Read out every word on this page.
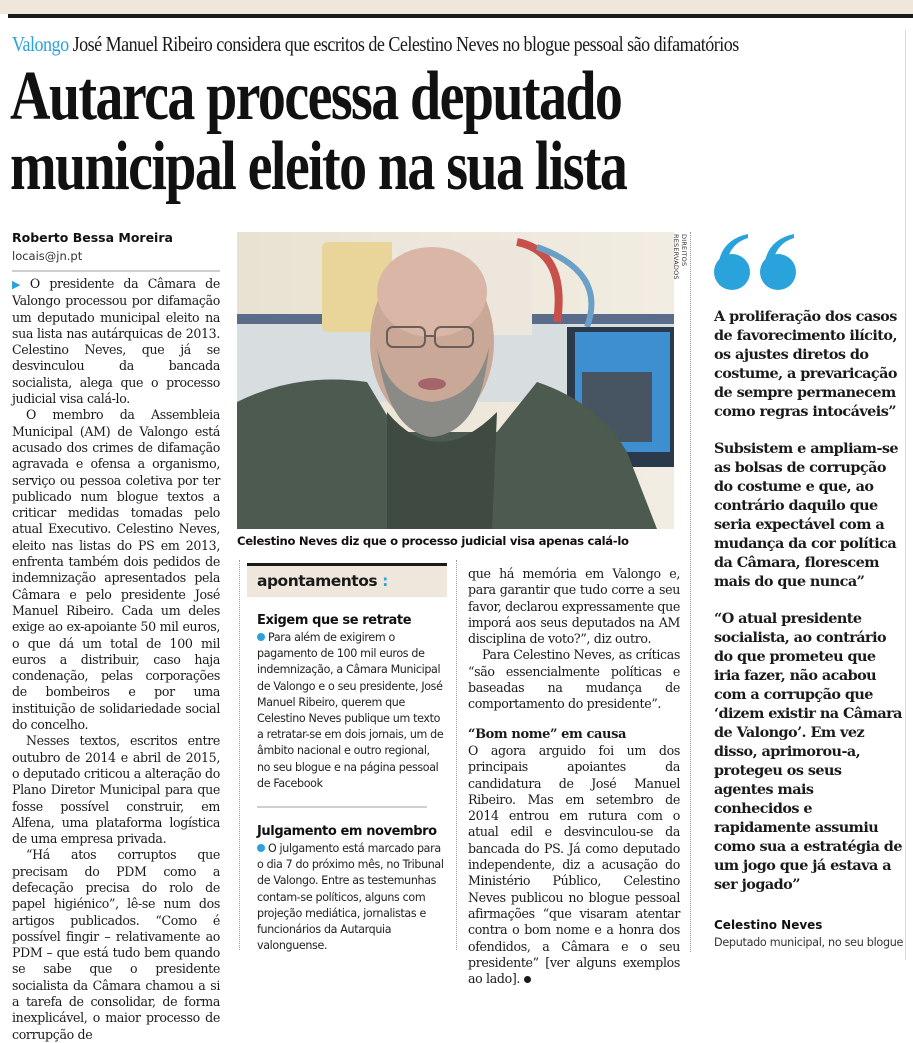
Valongo José Manuel Ribeiro considera que escritos de Celestino Neves no blogue pessoal são difamatórios
Autarca processa deputado
municipal eleito na sua lista
Roberto Bessa Moreira
locais@jn.pt

▶ O presidente da Câmara de Valongo processou por difamação um deputado municipal eleito na sua lista nas autárquicas de 2013. Celestino Neves, que já se desvinculou da bancada socialista, alega que o processo judicial visa calá-lo.

O membro da Assembleia Municipal (AM) de Valongo está acusado dos crimes de difamação agravada e ofensa a organismo, serviço ou pessoa coletiva por ter publicado num blogue textos a criticar medidas tomadas pelo atual Executivo. Celestino Neves, eleito nas listas do PS em 2013, enfrenta também dois pedidos de indemnização apresentados pela Câmara e pelo presidente José Manuel Ribeiro. Cada um deles exige ao ex-apoiante 50 mil euros, o que dá um total de 100 mil euros a distribuir, caso haja condenação, pelas corporações de bombeiros e por uma instituição de solidariedade social do concelho.

Nesses textos, escritos entre outubro de 2014 e abril de 2015, o deputado criticou a alteração do Plano Diretor Municipal para que fosse possível construir, em Alfena, uma plataforma logística de uma empresa privada.

“Há atos corruptos que precisam do PDM como a defecação precisa do rolo de papel higiénico”, lê-se num dos artigos publicados. “Como é possível fingir – relativamente ao PDM – que está tudo bem quando se sabe que o presidente socialista da Câmara chamou a si a tarefa de consolidar, de forma inexplicável, o maior processo de corrupção de

DIREITOS RESERVADOS
Celestino Neves diz que o processo judicial visa apenas calá-lo
apontamentos :
Exigem que se retrate
Para além de exigirem o pagamento de 100 mil euros de indemnização, a Câmara Municipal de Valongo e o seu presidente, José Manuel Ribeiro, querem que Celestino Neves publique um texto a retratar-se em dois jornais, um de âmbito nacional e outro regional, no seu blogue e na página pessoal de Facebook
Julgamento em novembro
O julgamento está marcado para o dia 7 do próximo mês, no Tribunal de Valongo. Entre as testemunhas contam-se políticos, alguns com projeção mediática, jornalistas e funcionários da Autarquia valonguense.

que há memória em Valongo e, para garantir que tudo corre a seu favor, declarou expressamente que imporá aos seus deputados na AM disciplina de voto?”, diz outro.

Para Celestino Neves, as críticas “são essencialmente políticas e baseadas na mudança de comportamento do presidente”.

“Bom nome” em causa

O agora arguido foi um dos principais apoiantes da candidatura de José Manuel Ribeiro. Mas em setembro de 2014 entrou em rutura com o atual edil e desvinculou-se da bancada do PS. Já como deputado independente, diz a acusação do Ministério Público, Celestino Neves publicou no blogue pessoal afirmações “que visaram atentar contra o bom nome e a honra dos ofendidos, a Câmara e o seu presidente” [ver alguns exemplos ao lado].

A proliferação dos casos de favorecimento ilícito, os ajustes diretos do costume, a prevaricação de sempre permanecem como regras intocáveis”

Subsistem e ampliam-se as bolsas de corrupção do costume e que, ao contrário daquilo que seria expectável com a mudança da cor política da Câmara, florescem mais do que nunca”

“O atual presidente socialista, ao contrário do que prometeu que iria fazer, não acabou com a corrupção que ‘dizem existir na Câmara de Valongo’. Em vez disso, aprimorou-a, protegeu os seus agentes mais conhecidos e rapidamente assumiu como sua a estratégia de um jogo que já estava a ser jogado”

Celestino Neves
Deputado municipal, no seu blogue
